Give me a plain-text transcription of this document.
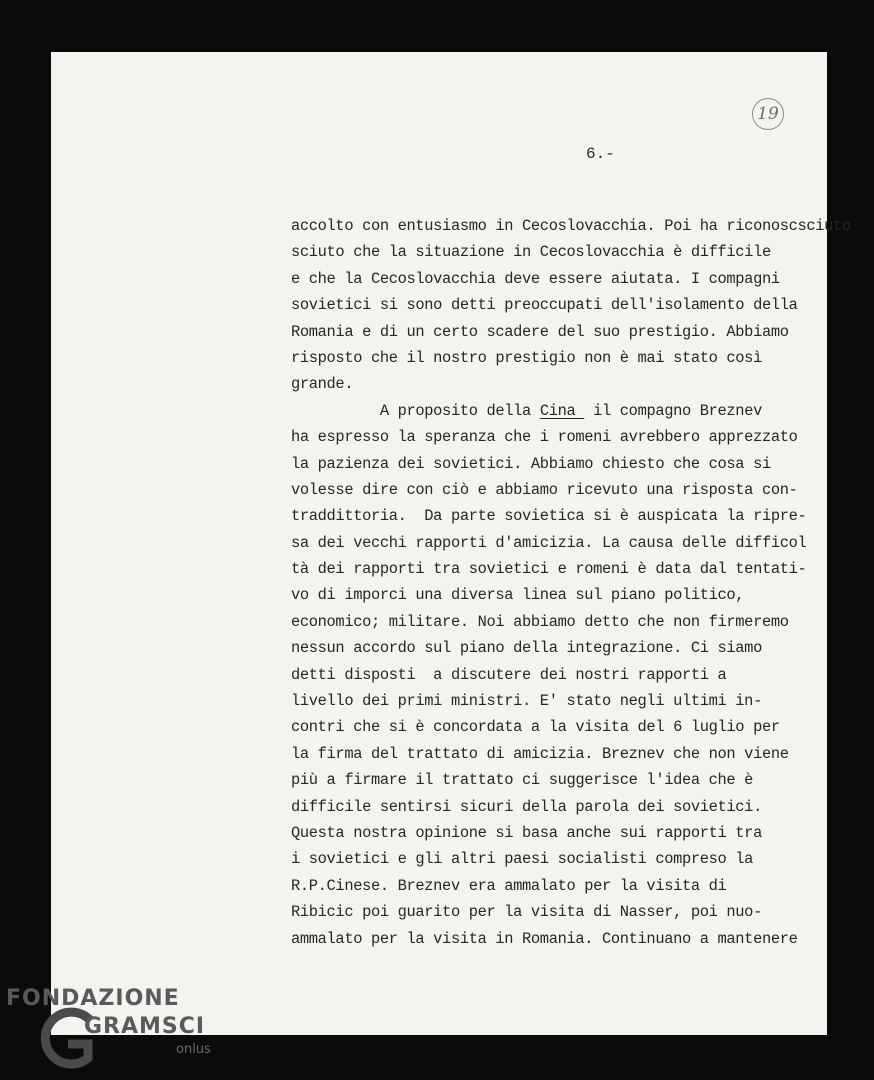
19
6.-
accolto con entusiasmo in Cecoslovacchia. Poi ha riconoscsciuto
sciuto che la situazione in Cecoslovacchia è difficile
e che la Cecoslovacchia deve essere aiutata. I compagni
sovietici si sono detti preoccupati dell'isolamento della
Romania e di un certo scadere del suo prestigio. Abbiamo
risposto che il nostro prestigio non è mai stato così
grande.
A proposito della Cina  il compagno Breznev
ha espresso la speranza che i romeni avrebbero apprezzato
la pazienza dei sovietici. Abbiamo chiesto che cosa si
volesse dire con ciò e abbiamo ricevuto una risposta con-
traddittoria.  Da parte sovietica si è auspicata la ripre-
sa dei vecchi rapporti d'amicizia. La causa delle difficol
tà dei rapporti tra sovietici e romeni è data dal tentati-
vo di imporci una diversa linea sul piano politico,
economico; militare. Noi abbiamo detto che non firmeremo
nessun accordo sul piano della integrazione. Ci siamo
detti disposti  a discutere dei nostri rapporti a
livello dei primi ministri. E' stato negli ultimi in-
contri che si è concordata a la visita del 6 luglio per
la firma del trattato di amicizia. Breznev che non viene
più a firmare il trattato ci suggerisce l'idea che è
difficile sentirsi sicuri della parola dei sovietici.
Questa nostra opinione si basa anche sui rapporti tra
i sovietici e gli altri paesi socialisti compreso la
R.P.Cinese. Breznev era ammalato per la visita di
Ribicic poi guarito per la visita di Nasser, poi nuo-
ammalato per la visita in Romania. Continuano a mantenere
FONDAZIONE
GRAMSCI
onlus
